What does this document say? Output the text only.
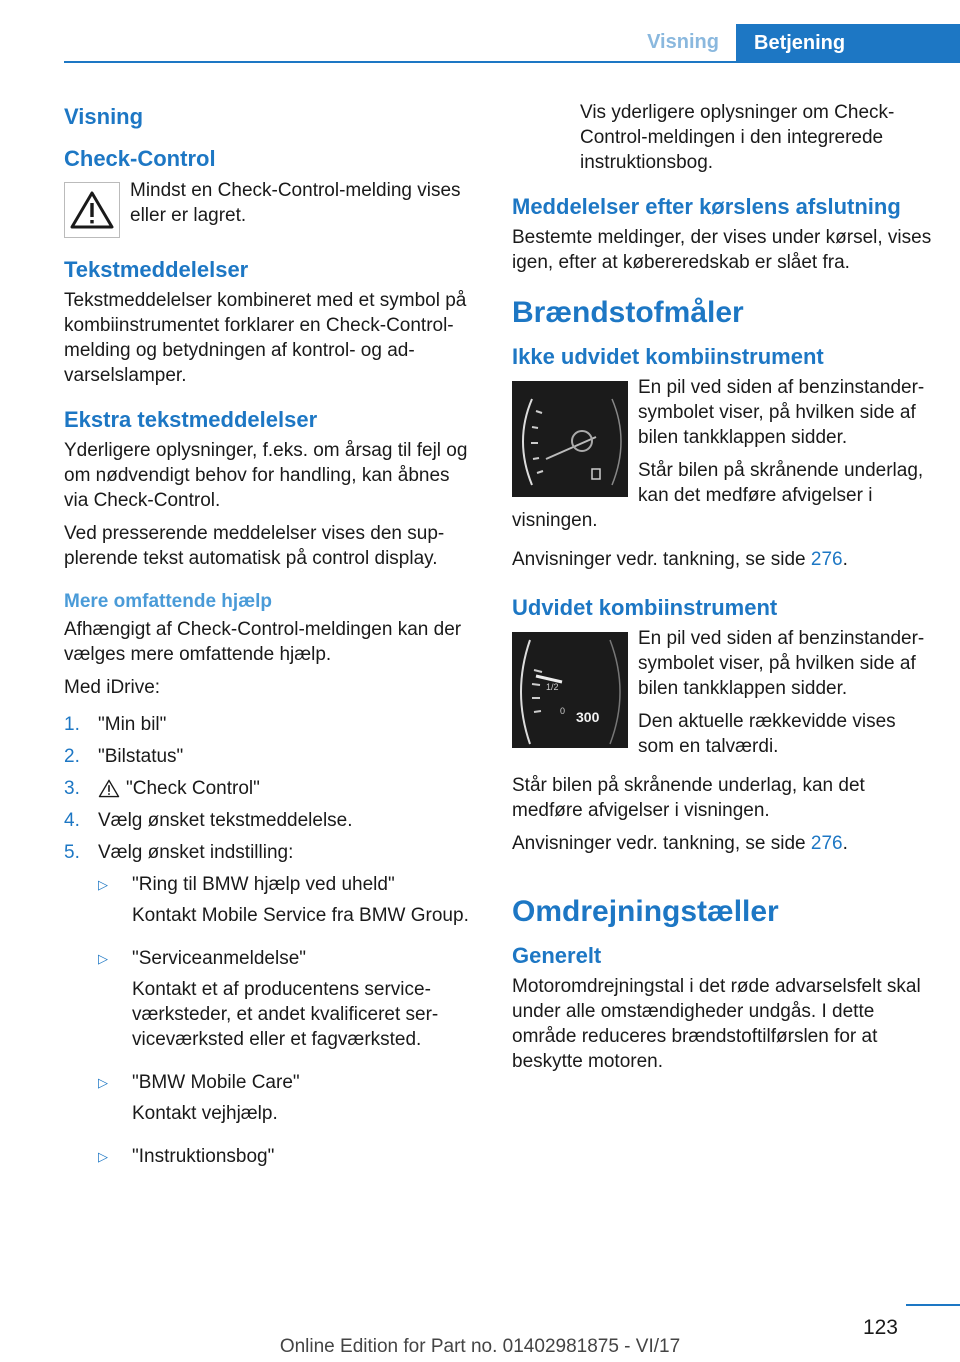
Visning	Betjening
Visning
Check-Control

Mindst en Check-Control-melding vises eller er lagret.

Tekstmeddelelser

Tekstmeddelelser kombineret med et symbol på kombiinstrumentet forklarer en Check-Control-melding og betydningen af kontrol- og advarselslamper.

Ekstra tekstmeddelelser

Yderligere oplysninger, f.eks. om årsag til fejl og om nødvendigt behov for handling, kan åbnes via Check-Control.

Ved presserende meddelelser vises den supplerende tekst automatisk på control display.

Mere omfattende hjælp

Afhængigt af Check-Control-meldingen kan der vælges mere omfattende hjælp.

Med iDrive:

1. "Min bil"
2. "Bilstatus"
3.	"Check Control"
4. Vælg ønsket tekstmeddelelse.
5. Vælg ønsket indstilling:
▷	"Ring til BMW hjælp ved uheld"

Kontakt Mobile Service fra BMW Group.

▷	"Serviceanmeldelse"

Kontakt et af producentens serviceværksteder, et andet kvalificeret serviceværksted eller et fagværksted.

▷	"BMW Mobile Care"

Kontakt vejhjælp.

▷	"Instruktionsbog"

Vis yderligere oplysninger om Check-Control-meldingen i den integrerede instruktionsbog.

Meddelelser efter kørslens afslutning

Bestemte meldinger, der vises under kørsel, vises igen, efter at købereredskab er slået fra.

Brændstofmåler
Ikke udvidet kombiinstrument

En pil ved siden af benzinstander-symbolet viser, på hvilken side af bilen tankklappen sidder.

Står bilen på skrånende underlag, kan det medføre afvigelser i visningen.

Anvisninger vedr. tankning, se side 276.

Udvidet kombiinstrument
1/2
0 300

En pil ved siden af benzinstander-symbolet viser, på hvilken side af bilen tankklappen sidder.

Den aktuelle rækkevidde vises som en talværdi.

Står bilen på skrånende underlag, kan det medføre afvigelser i visningen.

Anvisninger vedr. tankning, se side 276.

Omdrejningstæller
Generelt

Motoromdrejningstal i det røde advarselsfelt skal under alle omstændigheder undgås. I dette område reduceres brændstoftilførslen for at beskytte motoren.

123
Online Edition for Part no. 01402981875 - VI/17
